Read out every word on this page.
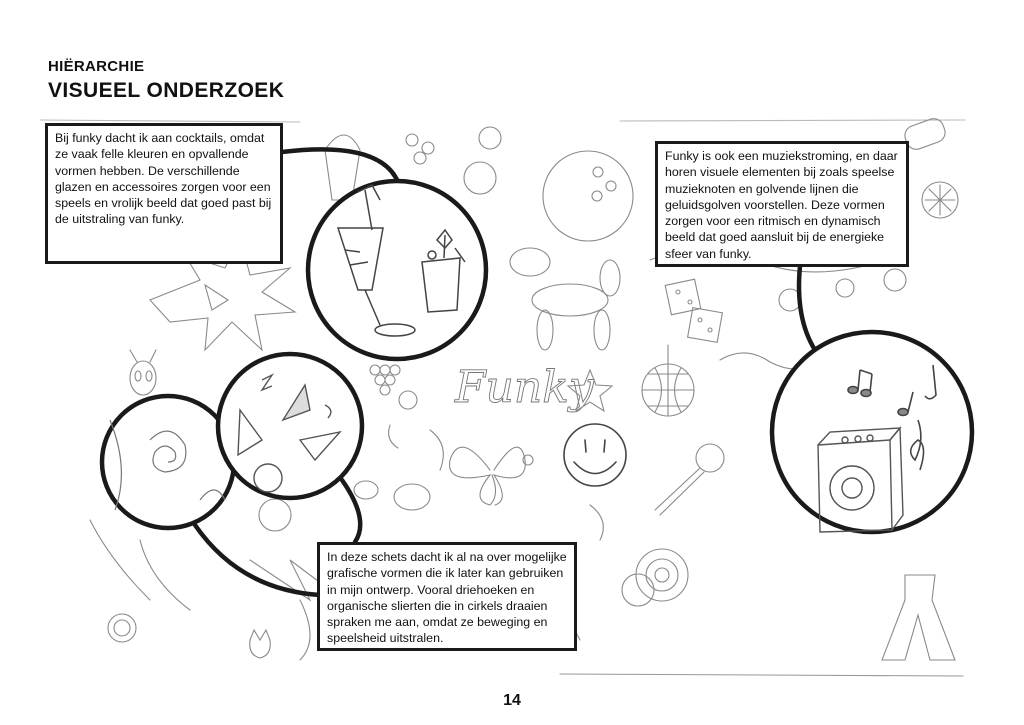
HIËRARCHIE
VISUEEL ONDERZOEK
Funky
Bij funky dacht ik aan cocktails, omdat ze vaak felle kleuren en opvallende vormen hebben. De verschillende glazen en accessoires zorgen voor een speels en vrolijk beeld dat goed past bij de uitstraling van funky.
Funky is ook een muziekstroming, en daar horen visuele elementen bij zoals speelse muzieknoten en golvende lijnen die geluidsgolven voorstellen. Deze vormen zorgen voor een ritmisch en dynamisch beeld dat goed aansluit bij de energieke sfeer van funky.
In deze schets dacht ik al na over mogelijke grafische vormen die ik later kan gebruiken in mijn ontwerp. Vooral driehoeken en organische slierten die in cirkels draaien spraken me aan, omdat ze beweging en speelsheid uitstralen.
14
